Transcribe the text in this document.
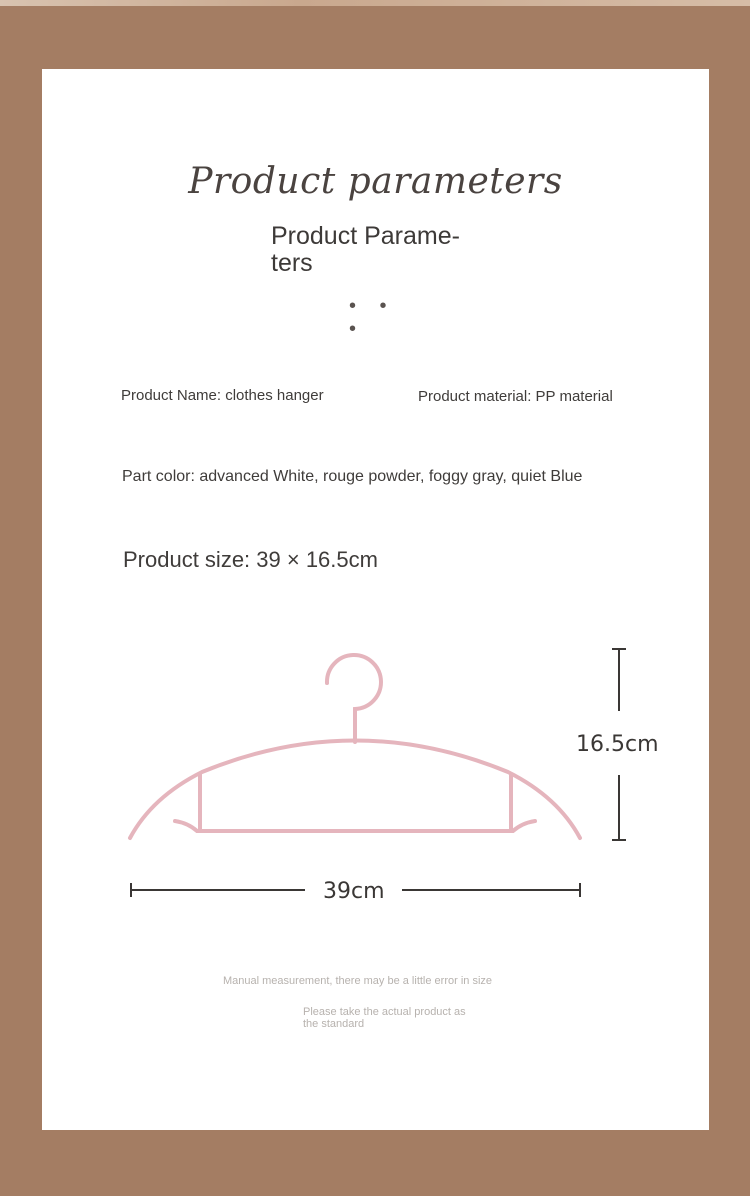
Product parameters
Product Parame-
ters
• • •
Product Name: clothes hanger	Product material: PP material
Part color: advanced White, rouge powder, foggy gray, quiet Blue
Product size: 39 × 16.5cm
16.5cm
39cm
Manual measurement, there may be a little error in size
Please take the actual product as the standard
